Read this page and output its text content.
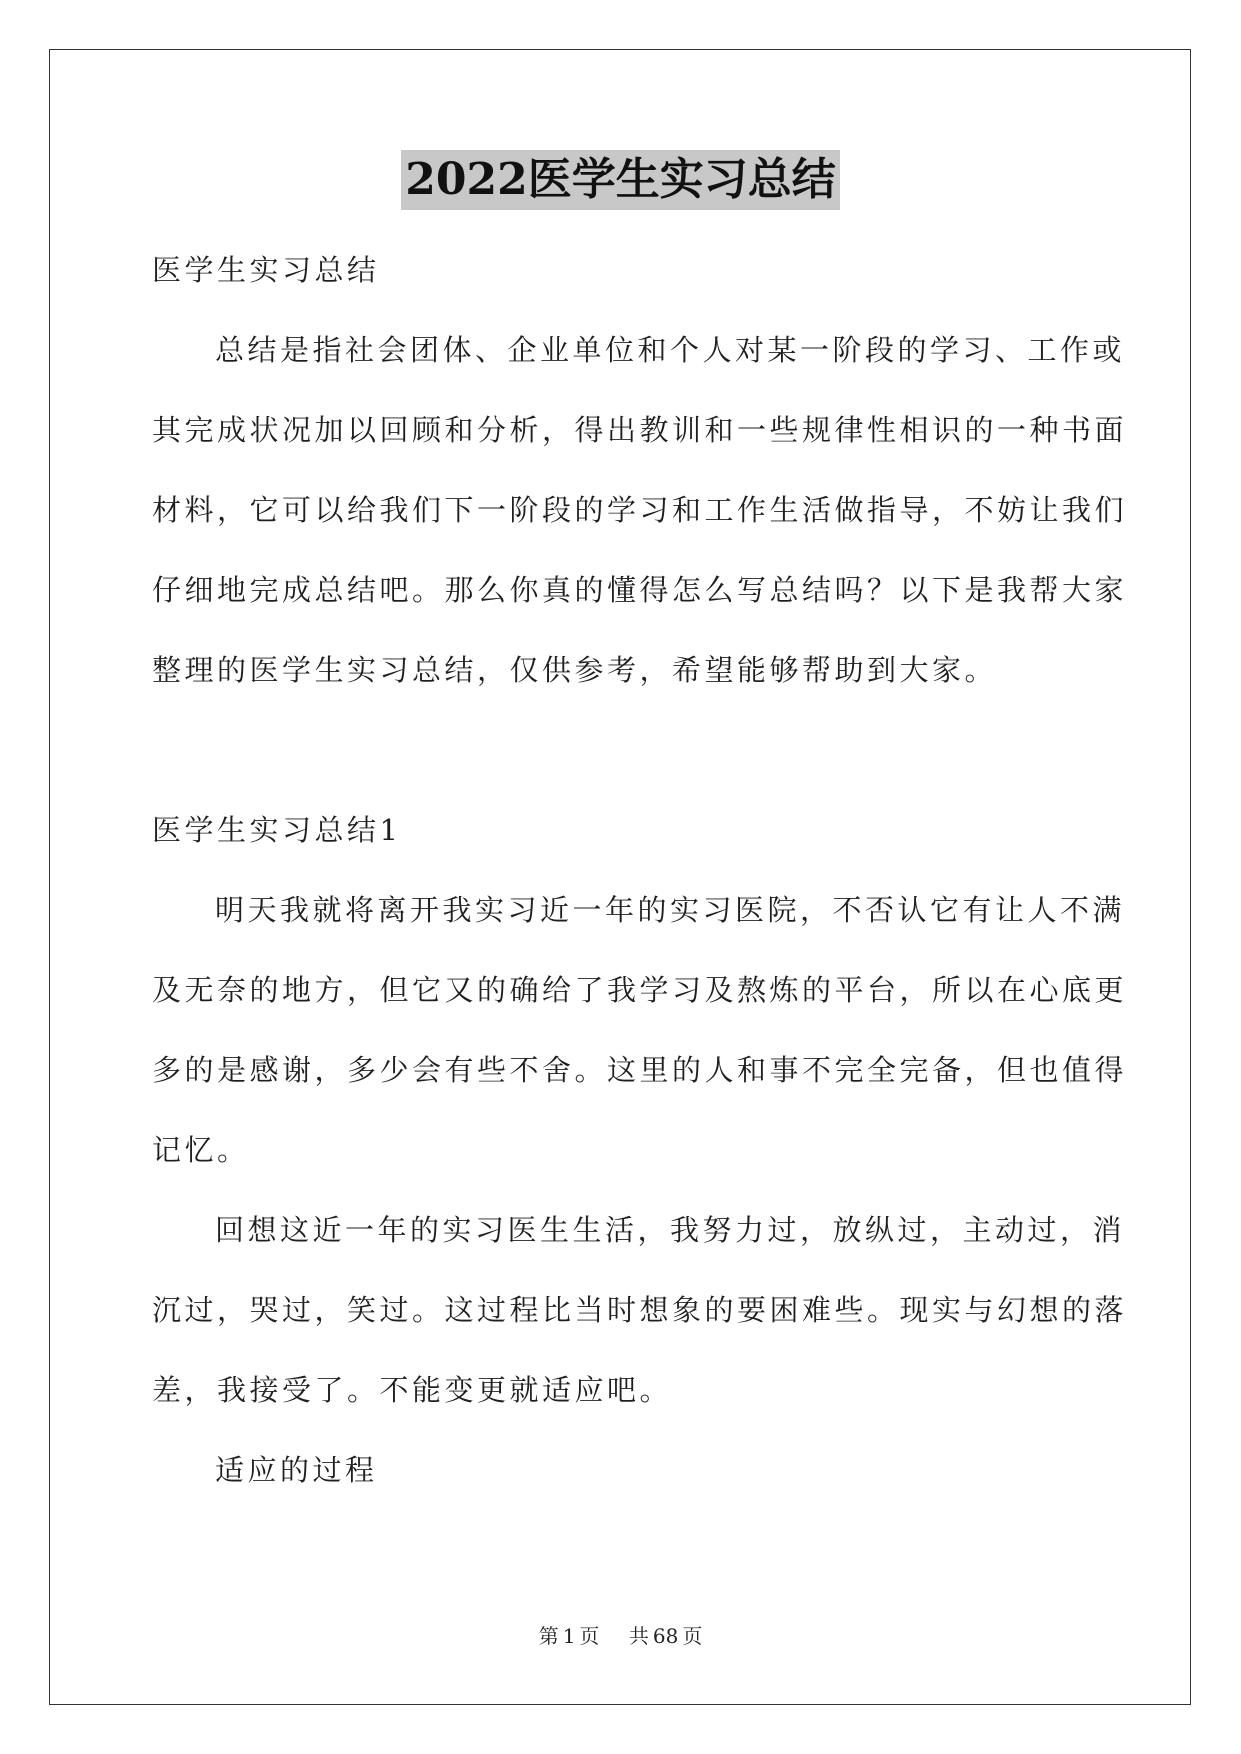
2022医学生实习总结
医学生实习总结
总结是指社会团体、企业单位和个人对某一阶段的学习、工作或
其完成状况加以回顾和分析，得出教训和一些规律性相识的一种书面
材料，它可以给我们下一阶段的学习和工作生活做指导，不妨让我们
仔细地完成总结吧。那么你真的懂得怎么写总结吗？以下是我帮大家
整理的医学生实习总结，仅供参考，希望能够帮助到大家。
医学生实习总结1
明天我就将离开我实习近一年的实习医院，不否认它有让人不满
及无奈的地方，但它又的确给了我学习及熬炼的平台，所以在心底更
多的是感谢，多少会有些不舍。这里的人和事不完全完备，但也值得
记忆。
回想这近一年的实习医生生活，我努力过，放纵过，主动过，消
沉过，哭过，笑过。这过程比当时想象的要困难些。现实与幻想的落
差，我接受了。不能变更就适应吧。
适应的过程
第 1 页 共 68 页
